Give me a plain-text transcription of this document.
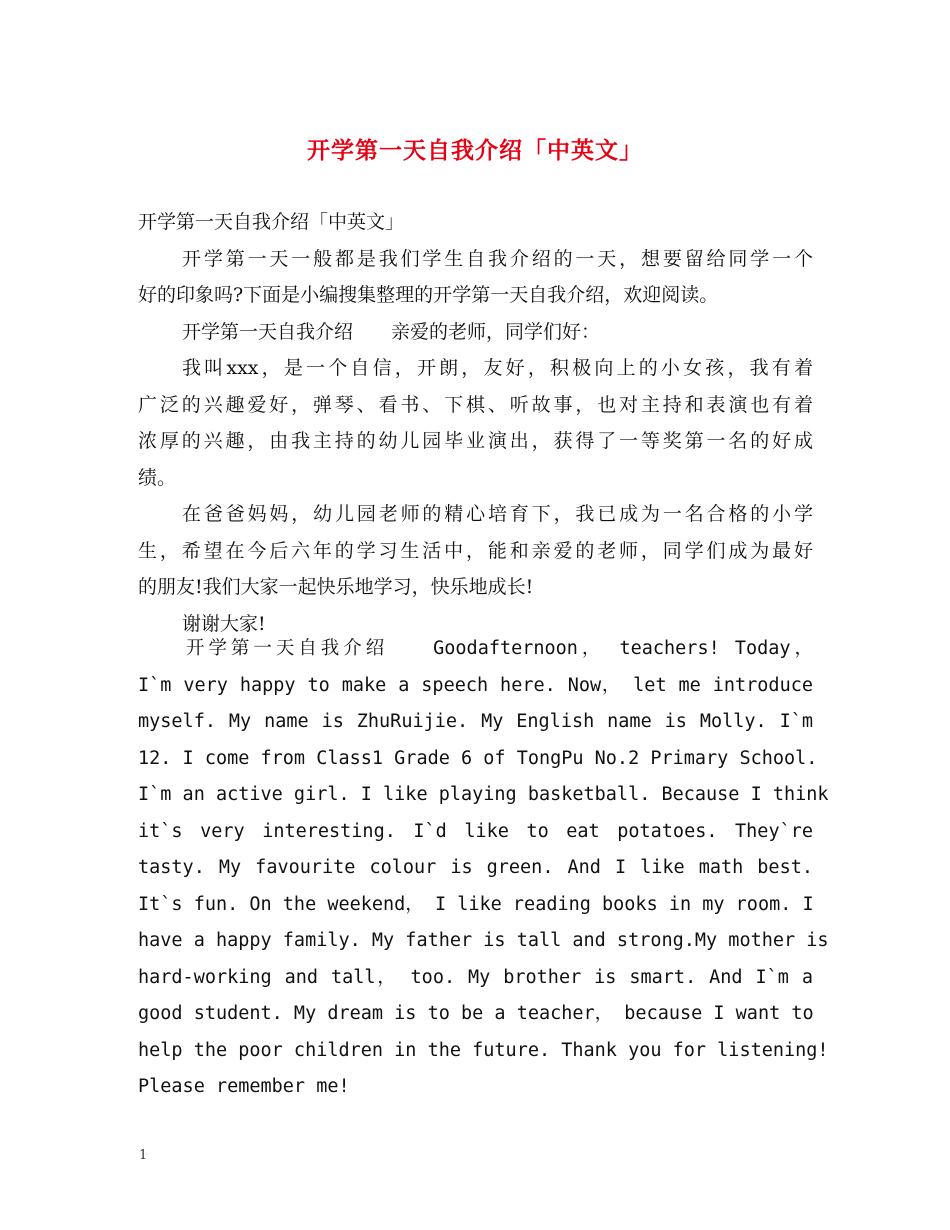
开学第一天自我介绍「中英文」

开学第一天自我介绍「中英文」

开学第一天一般都是我们学生自我介绍的一天，想要留给同学一个

好的印象吗?下面是小编搜集整理的开学第一天自我介绍，欢迎阅读。

开学第一天自我介绍　　亲爱的老师，同学们好：

我叫xxx，是一个自信，开朗，友好，积极向上的小女孩，我有着

广泛的兴趣爱好，弹琴、看书、下棋、听故事，也对主持和表演也有着

浓厚的兴趣，由我主持的幼儿园毕业演出，获得了一等奖第一名的好成

绩。

在爸爸妈妈，幼儿园老师的精心培育下，我已成为一名合格的小学

生，希望在今后六年的学习生活中，能和亲爱的老师，同学们成为最好

的朋友!我们大家一起快乐地学习，快乐地成长!

谢谢大家!

开学第一天自我介绍　　Goodafternoon， teachers! Today，

I`m very happy to make a speech here. Now， let me introduce

myself. My name is ZhuRuijie. My English name is Molly. I`m

12. I come from Class1 Grade 6 of TongPu No.2 Primary School.

I`m an active girl. I like playing basketball. Because I think

it`s very interesting. I`d like to eat potatoes. They`re

tasty. My favourite colour is green. And I like math best.

It`s fun. On the weekend， I like reading books in my room. I

have a happy family. My father is tall and strong.My mother is

hard-working and tall， too. My brother is smart. And I`m a

good student. My dream is to be a teacher， because I want to

help the poor children in the future. Thank you for listening!

Please remember me!

1
